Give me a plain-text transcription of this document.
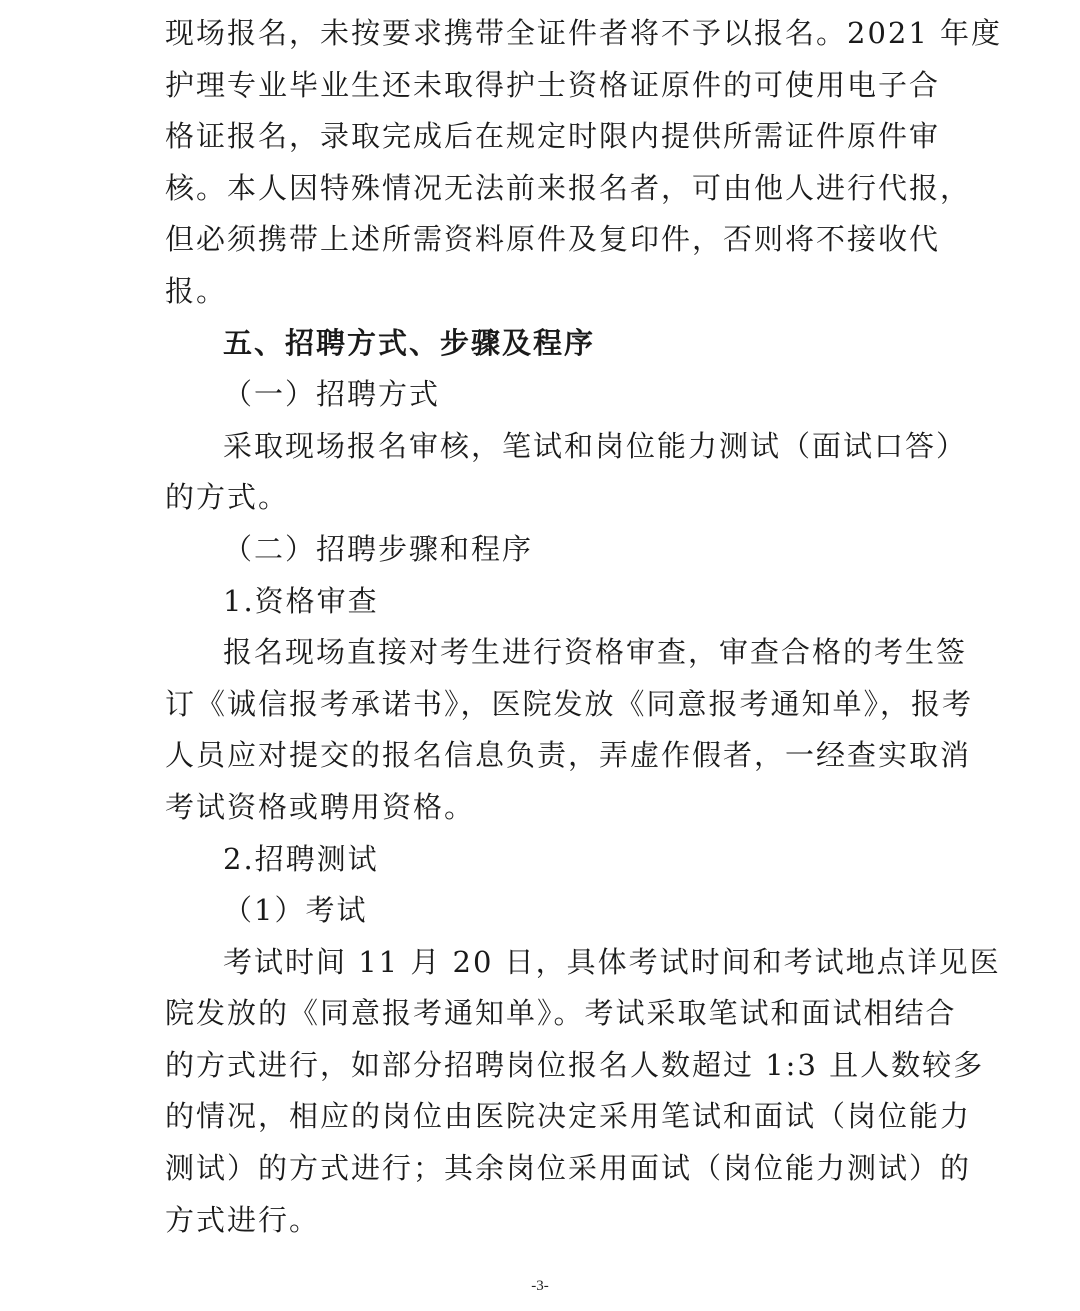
现场报名，未按要求携带全证件者将不予以报名。2021 年度
护理专业毕业生还未取得护士资格证原件的可使用电子合
格证报名，录取完成后在规定时限内提供所需证件原件审
核。本人因特殊情况无法前来报名者，可由他人进行代报，
但必须携带上述所需资料原件及复印件，否则将不接收代
报。

五、招聘方式、步骤及程序

（一）招聘方式

采取现场报名审核，笔试和岗位能力测试（面试口答）
的方式。

（二）招聘步骤和程序

1.资格审查

报名现场直接对考生进行资格审查，审查合格的考生签
订《诚信报考承诺书》，医院发放《同意报考通知单》，报考
人员应对提交的报名信息负责，弄虚作假者，一经查实取消
考试资格或聘用资格。

2.招聘测试

（1）考试

考试时间 11 月 20 日，具体考试时间和考试地点详见医
院发放的《同意报考通知单》。考试采取笔试和面试相结合
的方式进行，如部分招聘岗位报名人数超过 1:3 且人数较多
的情况，相应的岗位由医院决定采用笔试和面试（岗位能力
测试）的方式进行；其余岗位采用面试（岗位能力测试）的
方式进行。

-3-
